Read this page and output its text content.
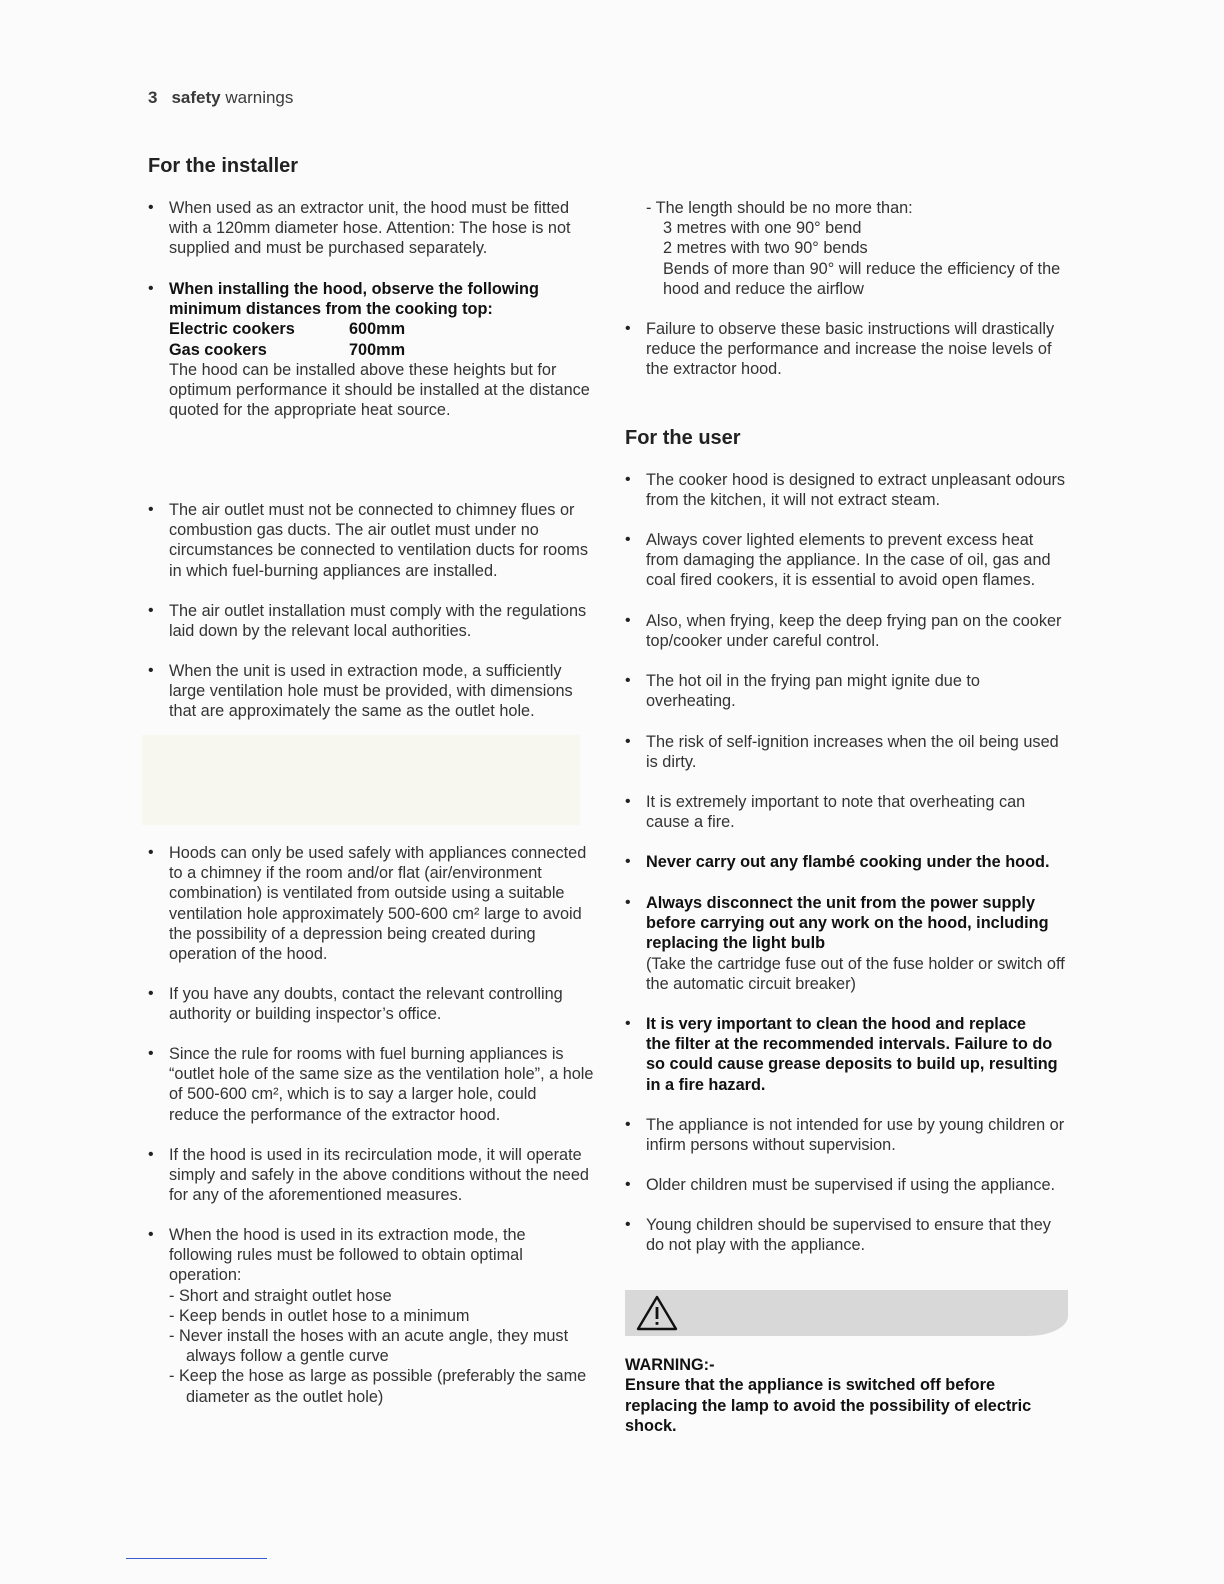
3 safety warnings
For the installer
• When used as an extractor unit, the hood must be fitted
with a 120mm diameter hose. Attention: The hose is not
supplied and must be purchased separately.
• When installing the hood, observe the following
minimum distances from the cooking top:
Electric cookers	600mm
Gas cookers	700mm
The hood can be installed above these heights but for
optimum performance it should be installed at the distance
quoted for the appropriate heat source.
• The air outlet must not be connected to chimney flues or
combustion gas ducts. The air outlet must under no
circumstances be connected to ventilation ducts for rooms
in which fuel-burning appliances are installed.
• The air outlet installation must comply with the regulations
laid down by the relevant local authorities.
• When the unit is used in extraction mode, a sufficiently
large ventilation hole must be provided, with dimensions
that are approximately the same as the outlet hole.
• Hoods can only be used safely with appliances connected
to a chimney if the room and/or flat (air/environment
combination) is ventilated from outside using a suitable
ventilation hole approximately 500-600 cm² large to avoid
the possibility of a depression being created during
operation of the hood.
• If you have any doubts, contact the relevant controlling
authority or building inspector’s office.
• Since the rule for rooms with fuel burning appliances is
“outlet hole of the same size as the ventilation hole”, a hole
of 500-600 cm², which is to say a larger hole, could
reduce the performance of the extractor hood.
• If the hood is used in its recirculation mode, it will operate
simply and safely in the above conditions without the need
for any of the aforementioned measures.
• When the hood is used in its extraction mode, the
following rules must be followed to obtain optimal
operation:
- Short and straight outlet hose
- Keep bends in outlet hose to a minimum
- Never install the hoses with an acute angle, they must
always follow a gentle curve
- Keep the hose as large as possible (preferably the same
diameter as the outlet hole)
- The length should be no more than:
3 metres with one 90° bend
2 metres with two 90° bends
Bends of more than 90° will reduce the efficiency of the
hood and reduce the airflow
• Failure to observe these basic instructions will drastically
reduce the performance and increase the noise levels of
the extractor hood.
For the user
• The cooker hood is designed to extract unpleasant odours
from the kitchen, it will not extract steam.
• Always cover lighted elements to prevent excess heat
from damaging the appliance. In the case of oil, gas and
coal fired cookers, it is essential to avoid open flames.
• Also, when frying, keep the deep frying pan on the cooker
top/cooker under careful control.
• The hot oil in the frying pan might ignite due to
overheating.
• The risk of self-ignition increases when the oil being used
is dirty.
• It is extremely important to note that overheating can
cause a fire.
• Never carry out any flambé cooking under the hood.
• Always disconnect the unit from the power supply
before carrying out any work on the hood, including
replacing the light bulb
(Take the cartridge fuse out of the fuse holder or switch off
the automatic circuit breaker)
• It is very important to clean the hood and replace
the filter at the recommended intervals. Failure to do
so could cause grease deposits to build up, resulting
in a fire hazard.
• The appliance is not intended for use by young children or
infirm persons without supervision.
• Older children must be supervised if using the appliance.
• Young children should be supervised to ensure that they
do not play with the appliance.
WARNING:-
Ensure that the appliance is switched off before
replacing the lamp to avoid the possibility of electric
shock.
